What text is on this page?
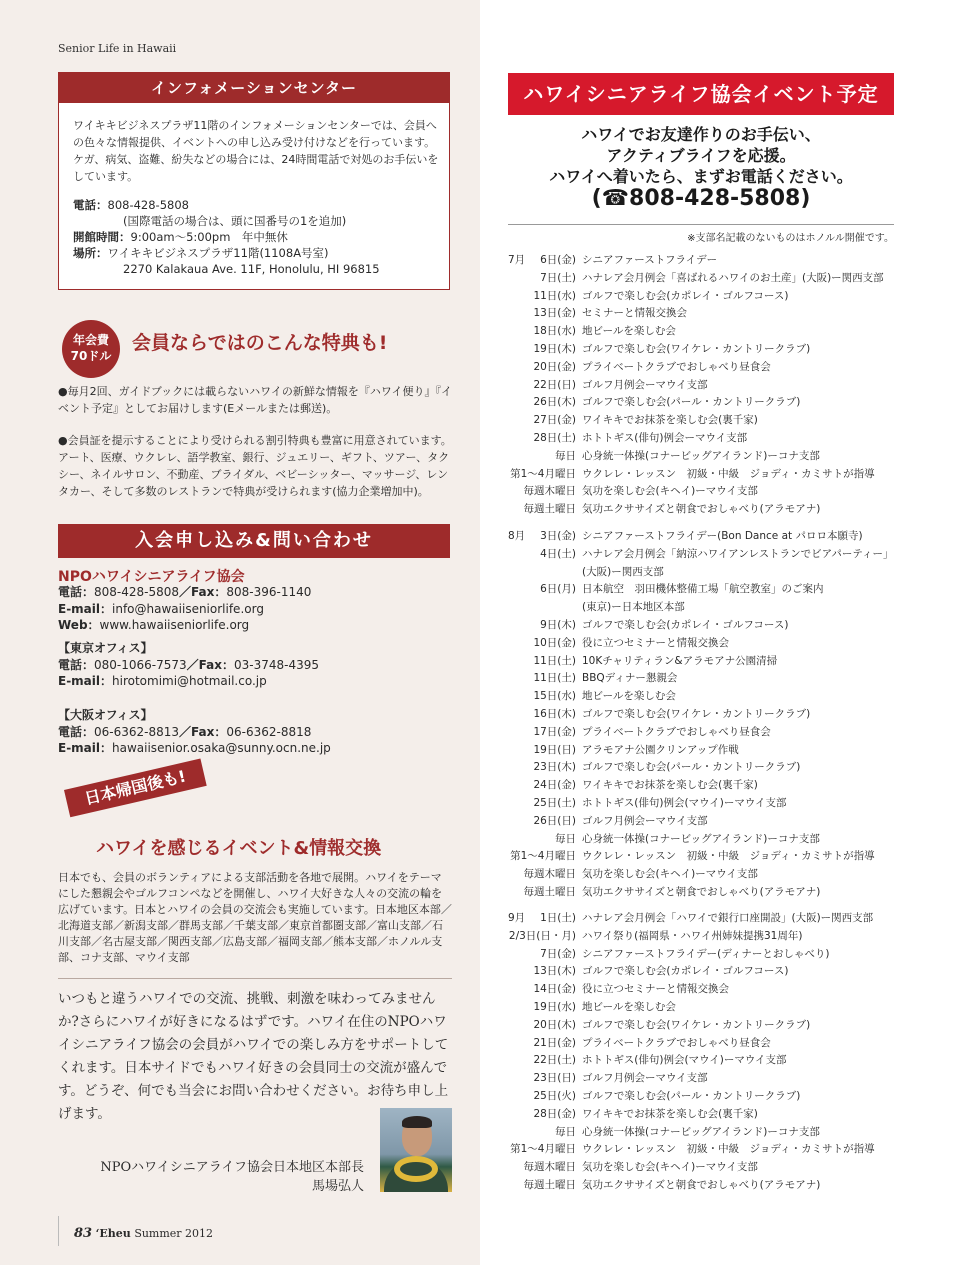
Senior Life in Hawaii
インフォメーションセンター
ワイキキビジネスプラザ11階のインフォメーションセンターでは、会員への色々な情報提供、イベントへの申し込み受け付けなどを行っています。ケガ、病気、盗難、紛失などの場合には、24時間電話で対処のお手伝いをしています。
電話：808-428-5808
(国際電話の場合は、頭に国番号の1を追加)
開館時間：9:00am〜5:00pm　年中無休
場所：ワイキキビジネスプラザ11階(1108A号室)
2270 Kalakaua Ave. 11F, Honolulu, HI 96815
年会費
70ドル
会員ならではのこんな特典も!
●毎月2回、ガイドブックには載らないハワイの新鮮な情報を『ハワイ便り』『イベント予定』としてお届けします(Eメールまたは郵送)。
●会員証を提示することにより受けられる割引特典も豊富に用意されています。アート、医療、ウクレレ、語学教室、銀行、ジュエリー、ギフト、ツアー、タクシー、ネイルサロン、不動産、ブライダル、ベビーシッター、マッサージ、レンタカー、そして多数のレストランで特典が受けられます(協力企業増加中)。
入会申し込み&問い合わせ
NPOハワイシニアライフ協会
電話：808-428-5808／Fax：808-396-1140
E-mail：info@hawaiiseniorlife.org
Web：www.hawaiiseniorlife.org
【東京オフィス】
電話：080-1066-7573／Fax：03-3748-4395
E-mail：hirotomimi@hotmail.co.jp
【大阪オフィス】
電話：06-6362-8813／Fax：06-6362-8818
E-mail：hawaiisenior.osaka@sunny.ocn.ne.jp
日本帰国後も!
ハワイを感じるイベント&情報交換
日本でも、会員のボランティアによる支部活動を各地で展開。ハワイをテーマにした懇親会やゴルフコンペなどを開催し、ハワイ大好きな人々の交流の輪を広げています。日本とハワイの会員の交流会も実施しています。日本地区本部／北海道支部／新潟支部／群馬支部／千葉支部／東京首都圏支部／富山支部／石川支部／名古屋支部／関西支部／広島支部／福岡支部／熊本支部／ホノルル支部、コナ支部、マウイ支部
いつもと違うハワイでの交流、挑戦、刺激を味わってみませんか?さらにハワイが好きになるはずです。ハワイ在住のNPOハワイシニアライフ協会の会員がハワイでの楽しみ方をサポートしてくれます。日本サイドでもハワイ好きの会員同士の交流が盛んです。どうぞ、何でも当会にお問い合わせください。お待ち申し上げます。
NPOハワイシニアライフ協会日本地区本部長
馬場弘人
83 ‘Eheu Summer 2012
ハワイシニアライフ協会イベント予定
ハワイでお友達作りのお手伝い、
アクティブライフを応援。
ハワイへ着いたら、まずお電話ください。
(☎808-428-5808)
※支部名記載のないものはホノルル開催です。
7月	6日(金) シニアファーストフライデー
7日(土) ハナレア会月例会「喜ばれるハワイのお土産」(大阪)ー関西支部
11日(水) ゴルフで楽しむ会(カポレイ・ゴルフコース)
13日(金) セミナーと情報交換会
18日(水) 地ビールを楽しむ会
19日(木) ゴルフで楽しむ会(ワイケレ・カントリークラブ)
20日(金) プライベートクラブでおしゃべり昼食会
22日(日) ゴルフ月例会ーマウイ支部
26日(木) ゴルフで楽しむ会(パール・カントリークラブ)
27日(金) ワイキキでお抹茶を楽しむ会(裏千家)
28日(土) ホトトギス(俳句)例会ーマウイ支部
毎日 心身統一体操(コナービッグアイランド)ーコナ支部
第1〜4月曜日 ウクレレ・レッスン　初級・中級　ジョディ・カミサトが指導
毎週木曜日 気功を楽しむ会(キヘイ)ーマウイ支部
毎週土曜日 気功エクササイズと朝食でおしゃべり(アラモアナ)
8月	3日(金) シニアファーストフライデー(Bon Dance at パロロ本願寺)
4日(土) ハナレア会月例会「納涼ハワイアンレストランでビアパーティー」
(大阪)ー関西支部
6日(月) 日本航空　羽田機体整備工場「航空教室」のご案内
(東京)ー日本地区本部
9日(木) ゴルフで楽しむ会(カポレイ・ゴルフコース)
10日(金) 役に立つセミナーと情報交換会
11日(土) 10Kチャリティラン&アラモアナ公園清掃
11日(土) BBQディナー懇親会
15日(水) 地ビールを楽しむ会
16日(木) ゴルフで楽しむ会(ワイケレ・カントリークラブ)
17日(金) プライベートクラブでおしゃべり昼食会
19日(日) アラモアナ公園クリンアップ作戦
23日(木) ゴルフで楽しむ会(パール・カントリークラブ)
24日(金) ワイキキでお抹茶を楽しむ会(裏千家)
25日(土) ホトトギス(俳句)例会(マウイ)ーマウイ支部
26日(日) ゴルフ月例会ーマウイ支部
毎日 心身統一体操(コナービッグアイランド)ーコナ支部
第1〜4月曜日 ウクレレ・レッスン　初級・中級　ジョディ・カミサトが指導
毎週木曜日 気功を楽しむ会(キヘイ)ーマウイ支部
毎週土曜日 気功エクササイズと朝食でおしゃべり(アラモアナ)
9月	1日(土) ハナレア会月例会「ハワイで銀行口座開設」(大阪)ー関西支部
2/3日(日・月) ハワイ祭り(福岡県・ハワイ州姉妹提携31周年)
7日(金) シニアファーストフライデー(ディナーとおしゃべり)
13日(木) ゴルフで楽しむ会(カポレイ・ゴルフコース)
14日(金) 役に立つセミナーと情報交換会
19日(水) 地ビールを楽しむ会
20日(木) ゴルフで楽しむ会(ワイケレ・カントリークラブ)
21日(金) プライベートクラブでおしゃべり昼食会
22日(土) ホトトギス(俳句)例会(マウイ)ーマウイ支部
23日(日) ゴルフ月例会ーマウイ支部
25日(火) ゴルフで楽しむ会(パール・カントリークラブ)
28日(金) ワイキキでお抹茶を楽しむ会(裏千家)
毎日 心身統一体操(コナービッグアイランド)ーコナ支部
第1〜4月曜日 ウクレレ・レッスン　初級・中級　ジョディ・カミサトが指導
毎週木曜日 気功を楽しむ会(キヘイ)ーマウイ支部
毎週土曜日 気功エクササイズと朝食でおしゃべり(アラモアナ)
